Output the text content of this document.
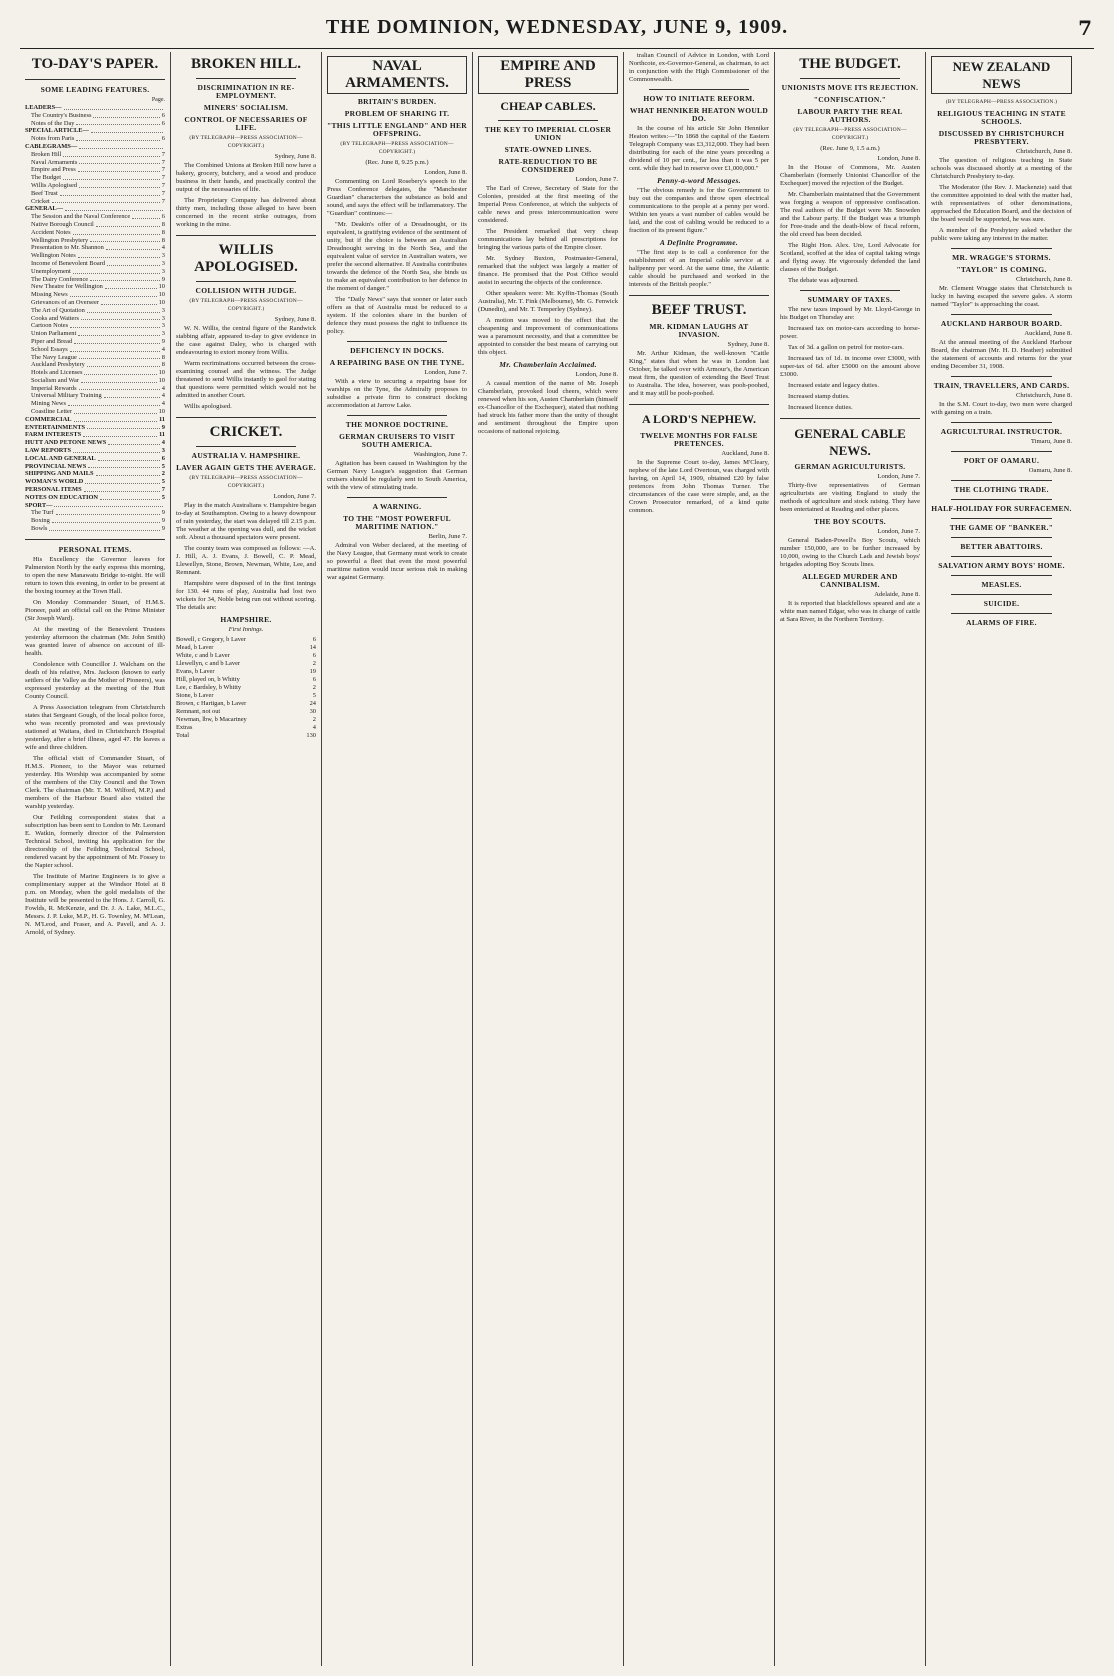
THE DOMINION, WEDNESDAY, JUNE 9, 1909.	7
TO-DAY'S PAPER.
SOME LEADING FEATURES.
Page.
LEADERS—
The Country's Business	6
Notes of the Day	6
SPECIAL ARTICLE—
Notes from Paris	6
CABLEGRAMS—
Broken Hill	7
Naval Armaments	7
Empire and Press	7
The Budget	7
Willis Apologised	7
Beef Trust	7
Cricket	7
GENERAL—
The Session and the Naval Conference	6
Native Borough Council	8
Accident Notes	8
Wellington Presbytery	8
Presentation to Mr. Shannon	4
Wellington Notes	3
Income of Benevolent Board	3
Unemployment	3
The Dairy Conference	9
New Theatre for Wellington	10
Missing News	10
Grievances of an Overseer	10
The Art of Quotation	3
Cooks and Waiters	3
Cartoon Notes	3
Union Parliament	3
Piper and Bread	9
School Essays	4
The Navy League	8
Auckland Presbytery	8
Hotels and Licenses	10
Socialism and War	10
Imperial Rewards	4
Universal Military Training	4
Mining News	4
Coastline Letter	10
COMMERCIAL	11
ENTERTAINMENTS	9
FARM INTERESTS	11
HUTT AND PETONE NEWS	4
LAW REPORTS	3
LOCAL AND GENERAL	6
PROVINCIAL NEWS	5
SHIPPING AND MAILS	2
WOMAN'S WORLD	5
PERSONAL ITEMS	7
NOTES ON EDUCATION	5
SPORT—
The Turf	9
Boxing	9
Bowls	9
PERSONAL ITEMS.

His Excellency the Governor leaves for Palmerston North by the early express this morning, to open the new Manawatu Bridge to-night. He will return to town this evening, in order to be present at the boxing tourney at the Town Hall.

On Monday Commander Stuart, of H.M.S. Pioneer, paid an official call on the Prime Minister (Sir Joseph Ward).

At the meeting of the Benevolent Trustees yesterday afternoon the chairman (Mr. John Smith) was granted leave of absence on account of ill-health.

Condolence with Councillor J. Walcham on the death of his relative, Mrs. Jackson (known to early settlers of the Valley as the Mother of Pioneers), was expressed yesterday at the meeting of the Hutt County Council.

A Press Association telegram from Christchurch states that Sergeant Gough, of the local police force, who was recently promoted and was previously stationed at Waitara, died in Christchurch Hospital yesterday, after a brief illness, aged 47. He leaves a wife and three children.

The official visit of Commander Stuart, of H.M.S. Pioneer, to the Mayor was returned yesterday. His Worship was accompanied by some of the members of the City Council and the Town Clerk. The chairman (Mr. T. M. Wilford, M.P.) and members of the Harbour Board also visited the warship yesterday.

Our Feilding correspondent states that a subscription has been sent to London to Mr. Leonard E. Watkin, formerly director of the Palmerston Technical School, inviting his application for the directorship of the Feilding Technical School, rendered vacant by the appointment of Mr. Fossey to the Napier school.

The Institute of Marine Engineers is to give a complimentary supper at the Windsor Hotel at 8 p.m. on Monday, when the gold medalists of the Institute will be presented to the Hons. J. Carroll, G. Fowlds, R. McKenzie, and Dr. J. A. Lake, M.L.C., Messrs. J. P. Luke, M.P., H. G. Townley, M. M'Lean, N. M'Leod, and Fraser, and A. Pavell, and A. J. Arnold, of Sydney.

BROKEN HILL.
DISCRIMINATION IN RE-EMPLOYMENT.
MINERS' SOCIALISM.
CONTROL OF NECESSARIES OF LIFE.
(BY TELEGRAPH—PRESS ASSOCIATION—COPYRIGHT.)
Sydney, June 8.

The Combined Unions at Broken Hill now have a bakery, grocery, butchery, and a wood and produce business in their hands, and practically control the output of the necessaries of life.

The Proprietary Company has delivered about thirty men, including those alleged to have been concerned in the recent strike outrages, from working in the mine.

WILLIS APOLOGISED.
COLLISION WITH JUDGE.
(BY TELEGRAPH—PRESS ASSOCIATION—COPYRIGHT.)
Sydney, June 8.

W. N. Willis, the central figure of the Randwick stabbing affair, appeared to-day to give evidence in the case against Daley, who is charged with endeavouring to extort money from Willis.

Warm recriminations occurred between the cross-examining counsel and the witness. The Judge threatened to send Willis instantly to gaol for stating that questions were permitted which would not be admitted in another Court.

Willis apologised.

CRICKET.
AUSTRALIA V. HAMPSHIRE.
LAVER AGAIN GETS THE AVERAGE.
(BY TELEGRAPH—PRESS ASSOCIATION—COPYRIGHT.)
London, June 7.

Play in the match Australians v. Hampshire began to-day at Southampton. Owing to a heavy downpour of rain yesterday, the start was delayed till 2.15 p.m. The weather at the opening was dull, and the wicket soft. About a thousand spectators were present.

The county team was composed as follows: —A. J. Hill, A. J. Evans, J. Bowell, C. P. Mead, Llewellyn, Stone, Brown, Newman, White, Lee, and Remnant.

Hampshire were disposed of in the first innings for 130. 44 runs of play, Australia had lost two wickets for 34, Noble being run out without scoring. The details are:

HAMPSHIRE.
First Innings.
Bowell, c Gregory, b Laver	6
Mead, b Laver	14
White, c and b Laver	6
Llewellyn, c and b Laver	2
Evans, b Laver	19
Hill, played on, b Whitty	6
Lee, c Bardsley, b Whitty	2
Stone, b Laver	5
Brown, c Hartigan, b Laver	24
Remnant, not out	30
Newman, lbw, b Macartney	2
Extras	4
Total	130
NAVAL ARMAMENTS.
BRITAIN'S BURDEN.
PROBLEM OF SHARING IT.
"THIS LITTLE ENGLAND" AND HER OFFSPRING.
(BY TELEGRAPH—PRESS ASSOCIATION—COPYRIGHT.)
(Rec. June 8, 9.25 p.m.)
London, June 8.

Commenting on Lord Rosebery's speech to the Press Conference delegates, the "Manchester Guardian" characterises the substance as bold and sound, and says the effect will be inflammatory. The "Guardian" continues:—

"Mr. Deakin's offer of a Dreadnought, or its equivalent, is gratifying evidence of the sentiment of unity, but if the choice is between an Australian Dreadnought serving in the North Sea, and the equivalent value of service in Australian waters, we prefer the second alternative. If Australia contributes towards the defence of the North Sea, she binds us to make an equivalent contribution to her defence in the moment of danger."

The "Daily News" says that sooner or later such offers as that of Australia must be reduced to a system. If the colonies share in the burden of defence they must possess the right to influence its policy.

DEFICIENCY IN DOCKS.
A REPAIRING BASE ON THE TYNE.
London, June 7.

With a view to securing a repairing base for warships on the Tyne, the Admiralty proposes to subsidise a private firm to construct docking accommodation at Jarrow Lake.

THE MONROE DOCTRINE.
GERMAN CRUISERS TO VISIT SOUTH AMERICA.
Washington, June 7.

Agitation has been caused in Washington by the German Navy League's suggestion that German cruisers should be regularly sent to South America, with the view of stimulating trade.

A WARNING.
TO THE "MOST POWERFUL MARITIME NATION."
Berlin, June 7.

Admiral von Weber declared, at the meeting of the Navy League, that Germany must work to create so powerful a fleet that even the most powerful maritime nation would incur serious risk in making war against Germany.

EMPIRE AND PRESS
CHEAP CABLES.
THE KEY TO IMPERIAL CLOSER UNION
STATE-OWNED LINES.
RATE-REDUCTION TO BE CONSIDERED
London, June 7.

The Earl of Crewe, Secretary of State for the Colonies, presided at the first meeting of the Imperial Press Conference, at which the subjects of cable news and press intercommunication were considered.

The President remarked that very cheap communications lay behind all prescriptions for bringing the various parts of the Empire closer.

Mr. Sydney Buxton, Postmaster-General, remarked that the subject was largely a matter of finance. He promised that the Post Office would assist in securing the objects of the conference.

Other speakers were: Mr. Kyffin-Thomas (South Australia), Mr. T. Fink (Melbourne), Mr. G. Fenwick (Dunedin), and Mr. T. Temperley (Sydney).

A motion was moved to the effect that the cheapening and improvement of communications was a paramount necessity, and that a committee be appointed to consider the best means of carrying out this object.

Mr. Chamberlain Acclaimed.
London, June 8.

A casual mention of the name of Mr. Joseph Chamberlain, provoked loud cheers, which were renewed when his son, Austen Chamberlain (himself ex-Chancellor of the Exchequer), stated that nothing had struck his father more than the unity of thought and sentiment throughout the Empire upon occasions of national rejoicing.

tralian Council of Advice in London, with Lord Northcote, ex-Governor-General, as chairman, to act in conjunction with the High Commissioner of the Commonwealth.

HOW TO INITIATE REFORM.
WHAT HENNIKER HEATON WOULD DO.

In the course of his article Sir John Henniker Heaton writes:—"In 1868 the capital of the Eastern Telegraph Company was £3,312,000. They had been distributing for each of the nine years preceding a dividend of 10 per cent., far less than it was 5 per cent. while they had in reserve over £1,000,000."

Penny-a-word Messages.

"The obvious remedy is for the Government to buy out the companies and throw open electrical communications to the people at a penny per word. Within ten years a vast number of cables would be laid, and the cost of cabling would be reduced to a fraction of its present figure."

A Definite Programme.

"The first step is to call a conference for the establishment of an Imperial cable service at a halfpenny per word. At the same time, the Atlantic cable should be purchased and worked in the interests of the British people."

BEEF TRUST.
MR. KIDMAN LAUGHS AT INVASION.
Sydney, June 8.

Mr. Arthur Kidman, the well-known "Cattle King," states that when he was in London last October, he talked over with Armour's, the American meat firm, the question of extending the Beef Trust to Australia. The idea, however, was pooh-poohed, and it may still be pooh-poohed.

A LORD'S NEPHEW.
TWELVE MONTHS FOR FALSE PRETENCES.
Auckland, June 8.

In the Supreme Court to-day, James M'Cleary, nephew of the late Lord Overtoun, was charged with having, on April 14, 1909, obtained £20 by false pretences from John Thomas Turner. The circumstances of the case were simple, and, as the Crown Prosecutor remarked, of a kind quite common.

THE BUDGET.
UNIONISTS MOVE ITS REJECTION.
"CONFISCATION."
LABOUR PARTY THE REAL AUTHORS.
(BY TELEGRAPH—PRESS ASSOCIATION—COPYRIGHT.)
(Rec. June 9, 1.5 a.m.)
London, June 8.

In the House of Commons, Mr. Austen Chamberlain (formerly Unionist Chancellor of the Exchequer) moved the rejection of the Budget.

Mr. Chamberlain maintained that the Government was forging a weapon of oppressive confiscation. The real authors of the Budget were Mr. Snowden and the Labour party. If the Budget was a triumph for Free-trade and the death-blow of fiscal reform, the old creed has been decided.

The Right Hon. Alex. Ure, Lord Advocate for Scotland, scoffed at the idea of capital taking wings and flying away. He vigorously defended the land clauses of the Budget.

The debate was adjourned.

SUMMARY OF TAXES.

The new taxes imposed by Mr. Lloyd-George in his Budget on Thursday are:

Increased tax on motor-cars according to horse-power.

Tax of 3d. a gallon on petrol for motor-cars.

Increased tax of 1d. in income over £3000, with super-tax of 6d. after £5000 on the amount above £3000.

Increased estate and legacy duties.

Increased stamp duties.

Increased licence duties.

GENERAL CABLE NEWS.
GERMAN AGRICULTURISTS.
London, June 7.

Thirty-five representatives of German agriculturists are visiting England to study the methods of agriculture and stock raising. They have been entertained at Reading and other places.

THE BOY SCOUTS.
London, June 7.

General Baden-Powell's Boy Scouts, which number 150,000, are to be further increased by 10,000, owing to the Church Lads and Jewish boys' brigades adopting Boy Scouts lines.

ALLEGED MURDER AND CANNIBALISM.
Adelaide, June 8.

It is reported that blackfellows speared and ate a white man named Edgar, who was in charge of cattle at Sara River, in the Northern Territory.

NEW ZEALAND NEWS
(BY TELEGRAPH—PRESS ASSOCIATION.)
RELIGIOUS TEACHING IN STATE SCHOOLS.
DISCUSSED BY CHRISTCHURCH PRESBYTERY.
Christchurch, June 8.

The question of religious teaching in State schools was discussed shortly at a meeting of the Christchurch Presbytery to-day.

The Moderator (the Rev. J. Mackenzie) said that the committee appointed to deal with the matter had, with representatives of other denominations, approached the Education Board, and the decision of the board would be supported, he was sure.

A member of the Presbytery asked whether the public were taking any interest in the matter.

MR. WRAGGE'S STORMS.
"TAYLOR" IS COMING.
Christchurch, June 8.

Mr. Clement Wragge states that Christchurch is lucky in having escaped the severe gales. A storm named "Taylor" is approaching the coast.

AUCKLAND HARBOUR BOARD.
Auckland, June 8.

At the annual meeting of the Auckland Harbour Board, the chairman (Mr. H. D. Heather) submitted the statement of accounts and returns for the year ending December 31, 1908.

TRAIN, TRAVELLERS, AND CARDS.
Christchurch, June 8.

In the S.M. Court to-day, two men were charged with gaming on a train.

AGRICULTURAL INSTRUCTOR.
Timaru, June 8.
PORT OF OAMARU.
Oamaru, June 8.
THE CLOTHING TRADE.
HALF-HOLIDAY FOR SURFACEMEN.
THE GAME OF "BANKER."
BETTER ABATTOIRS.
SALVATION ARMY BOYS' HOME.
MEASLES.
SUICIDE.
ALARMS OF FIRE.
